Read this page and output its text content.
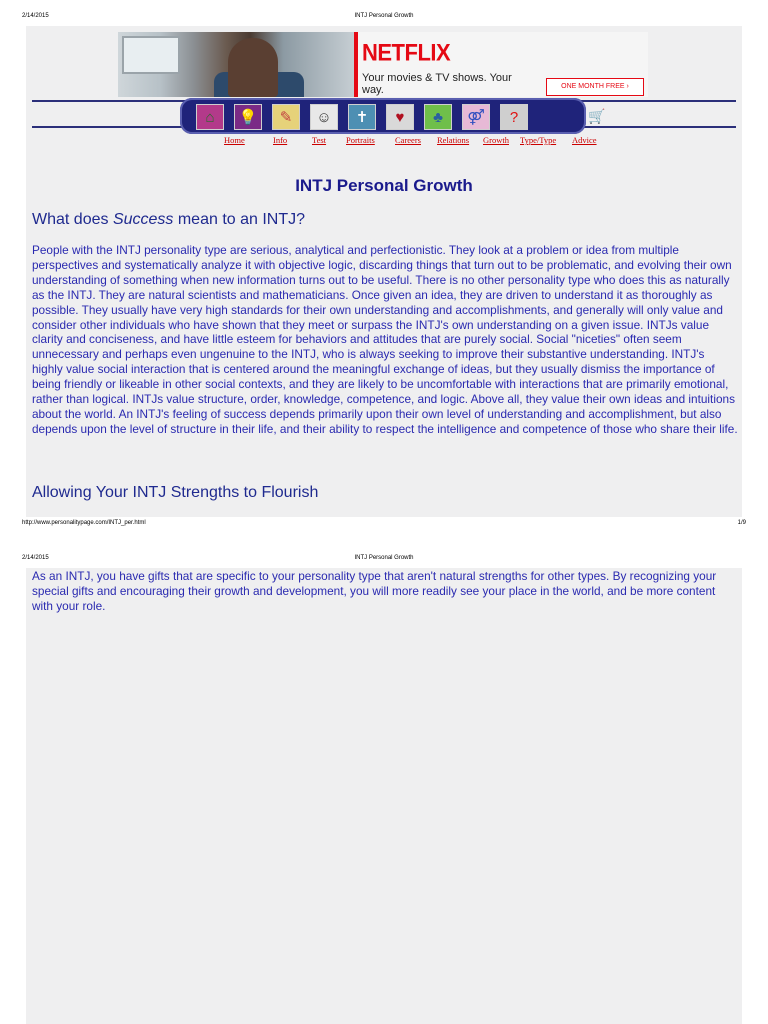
2/14/2015	INTJ Personal Growth
NETFLIX
Your movies & TV shows. Your way.	ONE MONTH FREE ›
⌂	💡	✎	☺	✝	♥	♣	⚤	?	🛒
Home	Info	Test Portraits Careers Relations Growth Type/Type Advice
INTJ Personal Growth
What does Success mean to an INTJ?

People with the INTJ personality type are serious, analytical and perfectionistic. They look at a problem or idea from multiple perspectives and systematically analyze it with objective logic, discarding things that turn out to be problematic, and evolving their own understanding of something when new information turns out to be useful. There is no other personality type who does this as naturally as the INTJ. They are natural scientists and mathematicians. Once given an idea, they are driven to understand it as thoroughly as possible. They usually have very high standards for their own understanding and accomplishments, and generally will only value and consider other individuals who have shown that they meet or surpass the INTJ's own understanding on a given issue. INTJs value clarity and conciseness, and have little esteem for behaviors and attitudes that are purely social. Social "niceties" often seem unnecessary and perhaps even ungenuine to the INTJ, who is always seeking to improve their substantive understanding. INTJ's highly value social interaction that is centered around the meaningful exchange of ideas, but they usually dismiss the importance of being friendly or likeable in other social contexts, and they are likely to be uncomfortable with interactions that are primarily emotional, rather than logical. INTJs value structure, order, knowledge, competence, and logic. Above all, they value their own ideas and intuitions about the world. An INTJ's feeling of success depends primarily upon their own level of understanding and accomplishment, but also depends upon the level of structure in their life, and their ability to respect the intelligence and competence of those who share their life.

Allowing Your INTJ Strengths to Flourish
http://www.personalitypage.com/INTJ_per.html	1/9
2/14/2015	INTJ Personal Growth

As an INTJ, you have gifts that are specific to your personality type that aren't natural strengths for other types. By recognizing your special gifts and encouraging their growth and development, you will more readily see your place in the world, and be more content with your role.
